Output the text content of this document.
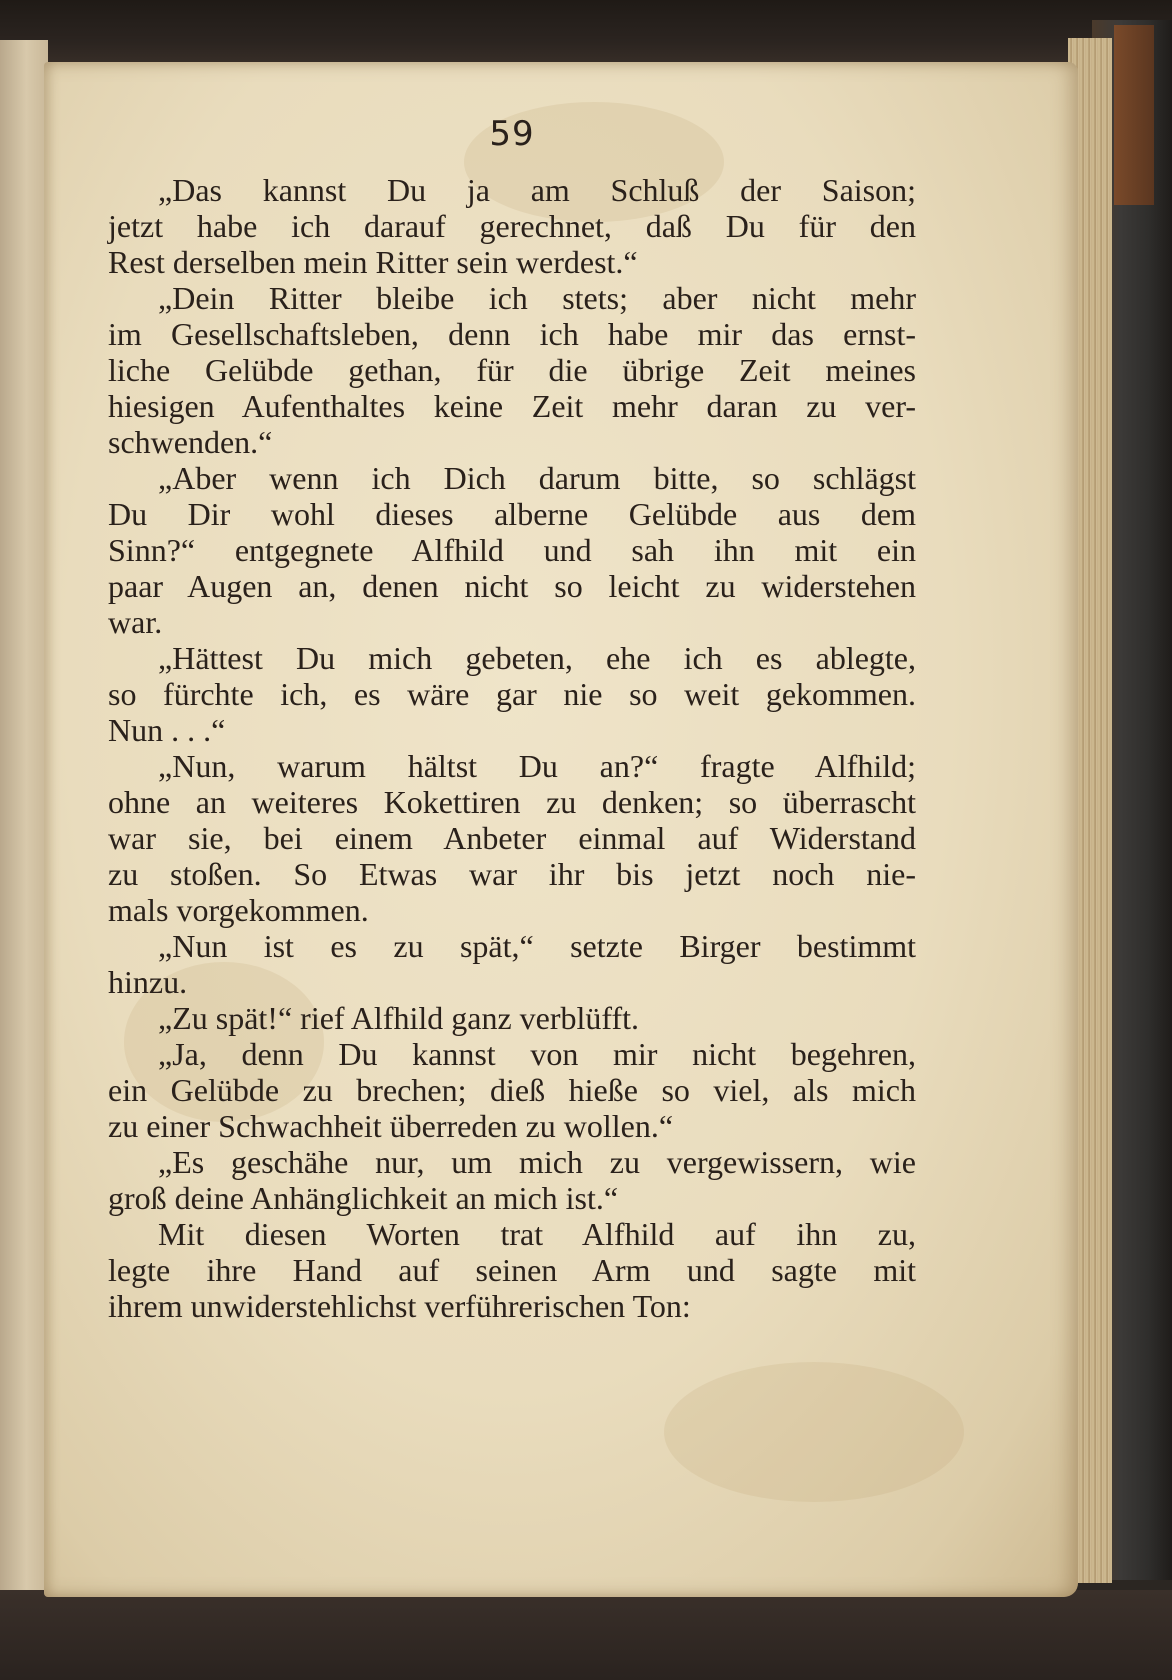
59
„Das kannst Du ja am Schluß der Saison;
jetzt habe ich darauf gerechnet, daß Du für den
Rest derselben mein Ritter sein werdest.“
„Dein Ritter bleibe ich stets; aber nicht mehr
im Gesellschaftsleben, denn ich habe mir das ernst-
liche Gelübde gethan, für die übrige Zeit meines
hiesigen Aufenthaltes keine Zeit mehr daran zu ver-
schwenden.“
„Aber wenn ich Dich darum bitte, so schlägst
Du Dir wohl dieses alberne Gelübde aus dem
Sinn?“ entgegnete Alfhild und sah ihn mit ein
paar Augen an, denen nicht so leicht zu widerstehen
war.
„Hättest Du mich gebeten, ehe ich es ablegte,
so fürchte ich, es wäre gar nie so weit gekommen.
Nun . . .“
„Nun, warum hältst Du an?“ fragte Alfhild;
ohne an weiteres Kokettiren zu denken; so überrascht
war sie, bei einem Anbeter einmal auf Widerstand
zu stoßen. So Etwas war ihr bis jetzt noch nie-
mals vorgekommen.
„Nun ist es zu spät,“ setzte Birger bestimmt
hinzu.
„Zu spät!“ rief Alfhild ganz verblüfft.
„Ja, denn Du kannst von mir nicht begehren,
ein Gelübde zu brechen; dieß hieße so viel, als mich
zu einer Schwachheit überreden zu wollen.“
„Es geschähe nur, um mich zu vergewissern, wie
groß deine Anhänglichkeit an mich ist.“
Mit diesen Worten trat Alfhild auf ihn zu,
legte ihre Hand auf seinen Arm und sagte mit
ihrem unwiderstehlichst verführerischen Ton:
